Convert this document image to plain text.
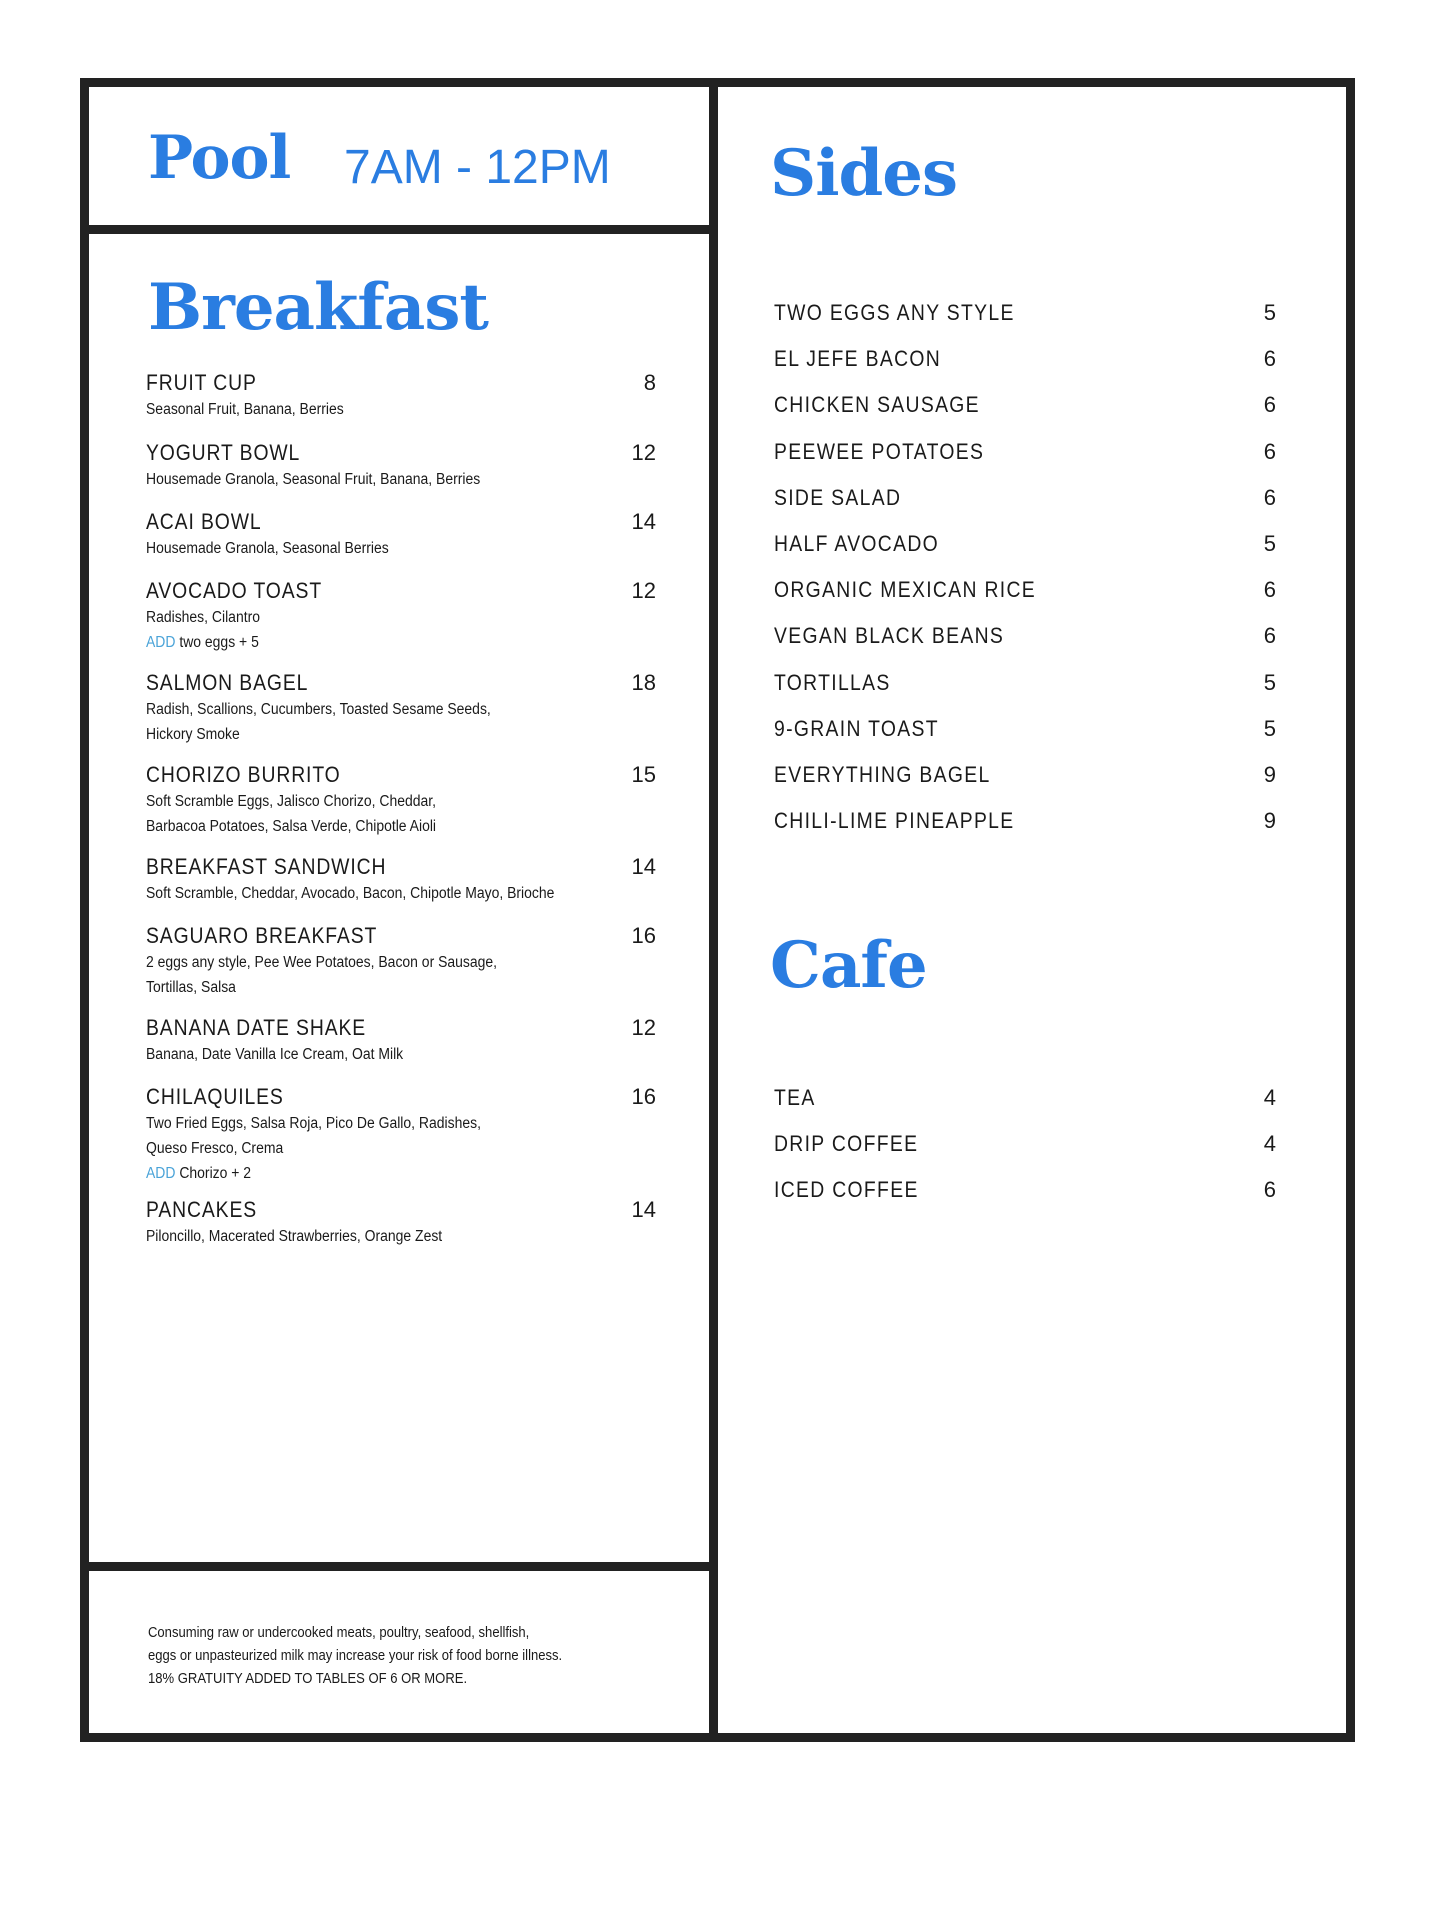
Pool 7AM - 12PM
Breakfast
FRUIT CUP	8
Seasonal Fruit, Banana, Berries
YOGURT BOWL	12
Housemade Granola, Seasonal Fruit, Banana, Berries
ACAI BOWL	14
Housemade Granola, Seasonal Berries
AVOCADO TOAST	12
Radishes, Cilantro
ADD two eggs + 5
SALMON BAGEL	18
Radish, Scallions, Cucumbers, Toasted Sesame Seeds,
Hickory Smoke
CHORIZO BURRITO	15
Soft Scramble Eggs, Jalisco Chorizo, Cheddar,
Barbacoa Potatoes, Salsa Verde, Chipotle Aioli
BREAKFAST SANDWICH	14
Soft Scramble, Cheddar, Avocado, Bacon, Chipotle Mayo, Brioche
SAGUARO BREAKFAST	16
2 eggs any style, Pee Wee Potatoes, Bacon or Sausage,
Tortillas, Salsa
BANANA DATE SHAKE	12
Banana, Date Vanilla Ice Cream, Oat Milk
CHILAQUILES	16
Two Fried Eggs, Salsa Roja, Pico De Gallo, Radishes,
Queso Fresco, Crema
ADD Chorizo + 2
PANCAKES	14
Piloncillo, Macerated Strawberries, Orange Zest
Sides
TWO EGGS ANY STYLE	5
EL JEFE BACON	6
CHICKEN SAUSAGE	6
PEEWEE POTATOES	6
SIDE SALAD	6
HALF AVOCADO	5
ORGANIC MEXICAN RICE	6
VEGAN BLACK BEANS	6
TORTILLAS	5
9-GRAIN TOAST	5
EVERYTHING BAGEL	9
CHILI-LIME PINEAPPLE	9
Cafe
TEA	4
DRIP COFFEE	4
ICED COFFEE	6
Consuming raw or undercooked meats, poultry, seafood, shellfish,
eggs or unpasteurized milk may increase your risk of food borne illness.
18% GRATUITY ADDED TO TABLES OF 6 OR MORE.
